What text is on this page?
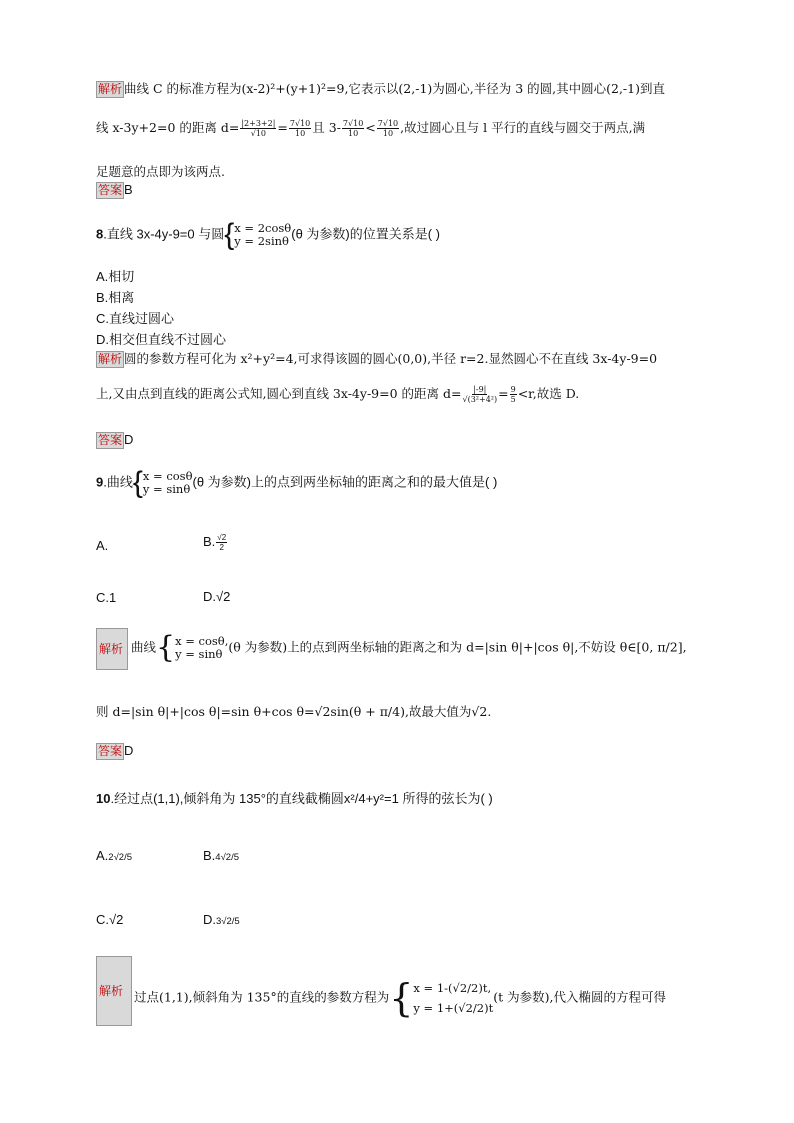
解析 曲线 C 的标准方程为(x-2)²+(y+1)²=9,它表示以(2,-1)为圆心,半径为 3 的圆,其中圆心(2,-1)到直
线 x-3y+2=0 的距离 $d= \frac{|2+3+2|}{√10} = \frac{7√10}{10}$ 且 $3- \frac{7√10}{10} < \frac{7√10}{10}$ ,故过圆心且与 l 平行的直线与圆交于两点,满
足题意的点即为该两点.
答案 B
8.直线 3x-4y-9=0 与圆{ x = 2cosθ
y = 2sinθ (θ 为参数)的位置关系是( )
A.相切
B.相离
C.直线过圆心
D.相交但直线不过圆心
解析 圆的参数方程可化为 x²+y²=4,可求得该圆的圆心(0,0),半径 r=2.显然圆心不在直线 3x-4y-9=0
上,又由点到直线的距离公式知,圆心到直线 3x-4y-9=0 的距离 $d= \frac{|-9|}{\text{√(3²+4²)}} = \frac{9}{5} <r$,故选 D.
答案 D
9.曲线{ x = cosθ
y = sinθ (θ 为参数)上的点到两坐标轴的距离之和的最大值是( )
A.	B. $\frac{√2}{2}$
C.1	D.√2
解析 曲线{ x = cosθ,
y = sinθ (θ 为参数)上的点到两坐标轴的距离之和为 d=|sin θ|+|cos θ|,不妨设 θ∈[0, π/2],
则 d=|sin θ|+|cos θ|=sin θ+cos θ=√2sin(θ + π/4),故最大值为√2.
答案 D
10.经过点(1,1),倾斜角为 135°的直线截椭圆x²/4+y²=1 所得的弦长为( )
A.2√2/5	B.4√2/5
C.√2	D.3√2/5
解析 过点(1,1),倾斜角为 135°的直线的参数方程为{ x = 1-(√2/2)t,
y = 1+(√2/2)t
(t 为参数),代入椭圆的方程可得
